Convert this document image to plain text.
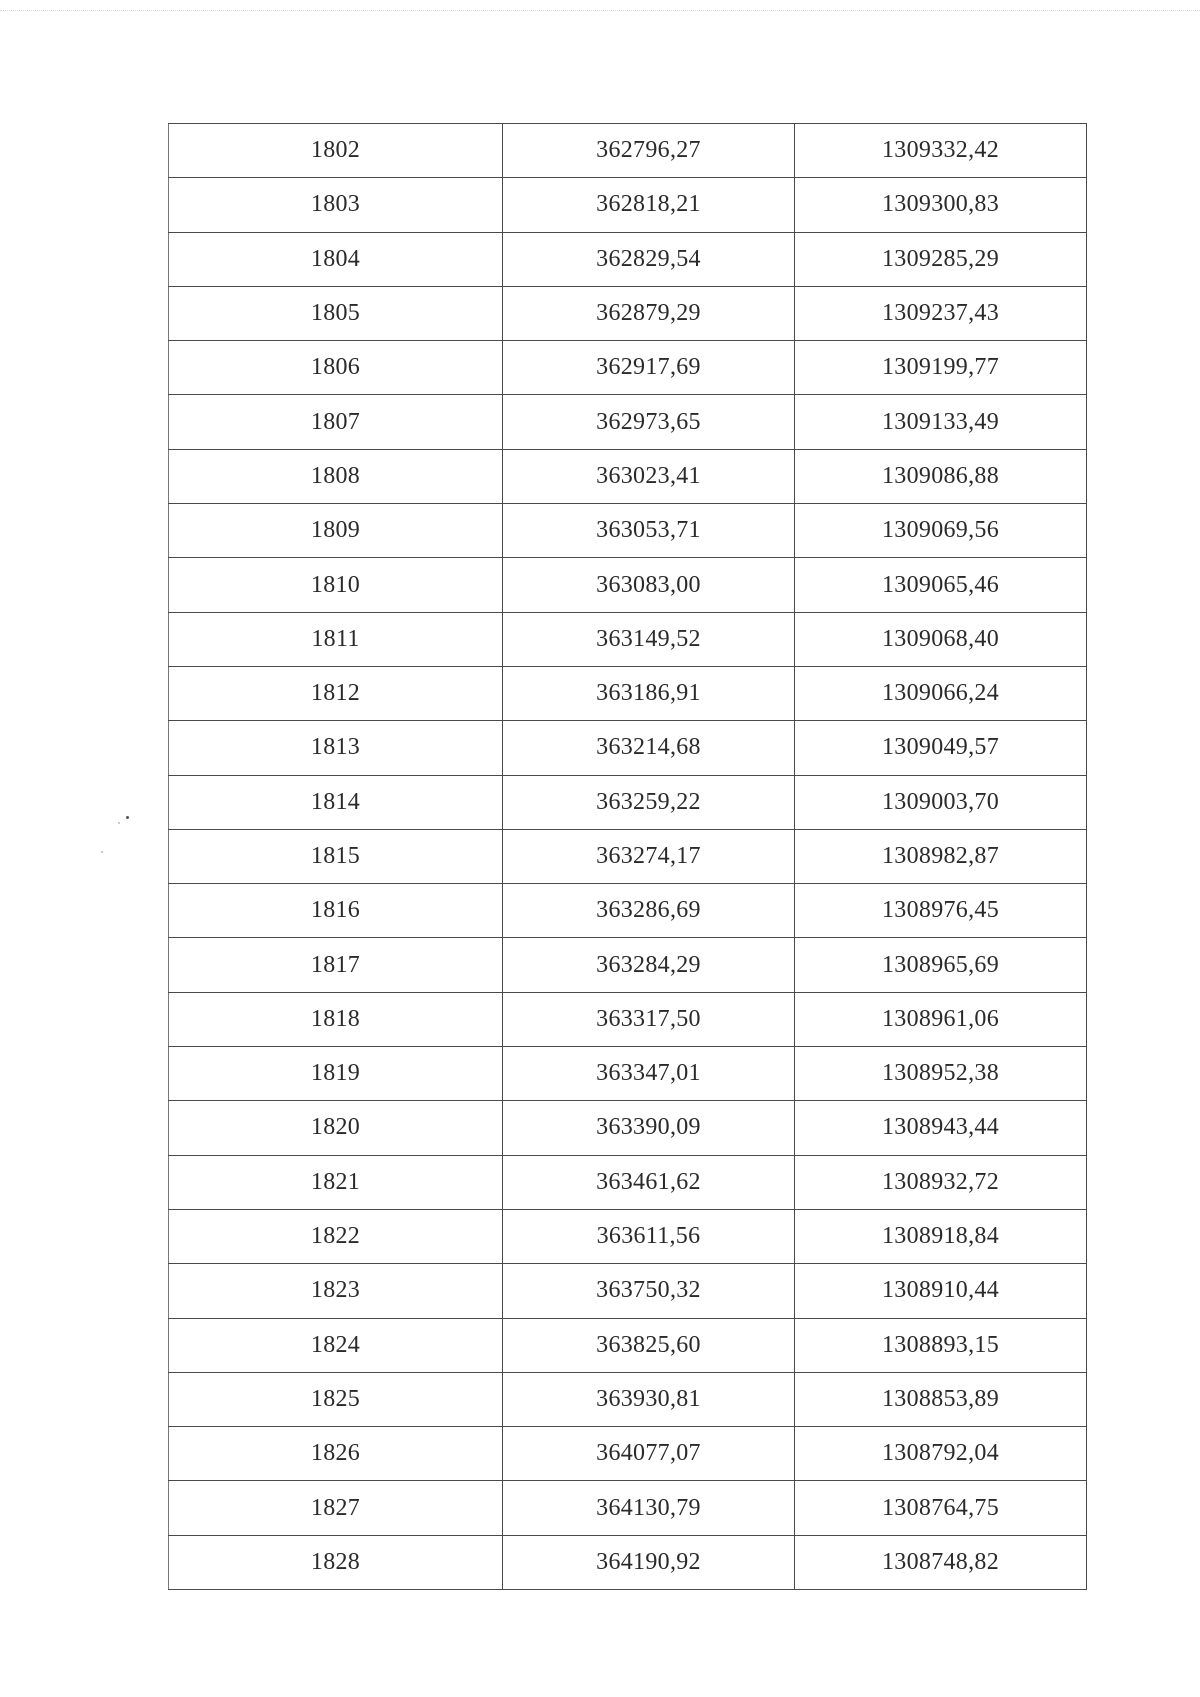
1802	362796,27	1309332,42
1803	362818,21	1309300,83
1804	362829,54	1309285,29
1805	362879,29	1309237,43
1806	362917,69	1309199,77
1807	362973,65	1309133,49
1808	363023,41	1309086,88
1809	363053,71	1309069,56
1810	363083,00	1309065,46
1811	363149,52	1309068,40
1812	363186,91	1309066,24
1813	363214,68	1309049,57
1814	363259,22	1309003,70
1815	363274,17	1308982,87
1816	363286,69	1308976,45
1817	363284,29	1308965,69
1818	363317,50	1308961,06
1819	363347,01	1308952,38
1820	363390,09	1308943,44
1821	363461,62	1308932,72
1822	363611,56	1308918,84
1823	363750,32	1308910,44
1824	363825,60	1308893,15
1825	363930,81	1308853,89
1826	364077,07	1308792,04
1827	364130,79	1308764,75
1828	364190,92	1308748,82
